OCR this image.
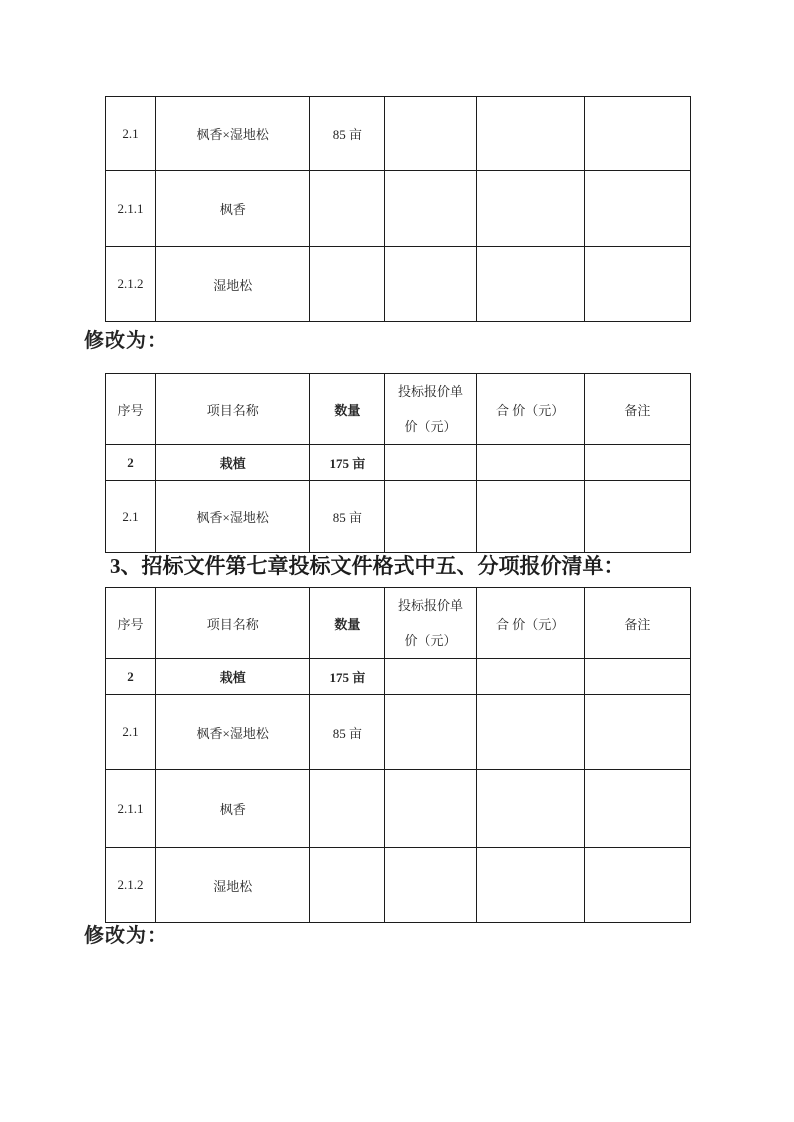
2.1	枫香×湿地松	85 亩			
2.1.1	枫香				
2.1.2	湿地松				
修改为：
序号	项目名称	数量	投标报价单价（元）	合 价（元）	备注
2	栽植	175 亩			
2.1	枫香×湿地松	85 亩			
3、招标文件第七章投标文件格式中五、分项报价清单：
序号	项目名称	数量	投标报价单价（元）	合 价（元）	备注
2	栽植	175 亩			
2.1	枫香×湿地松	85 亩			
2.1.1	枫香				
2.1.2	湿地松				
修改为：
